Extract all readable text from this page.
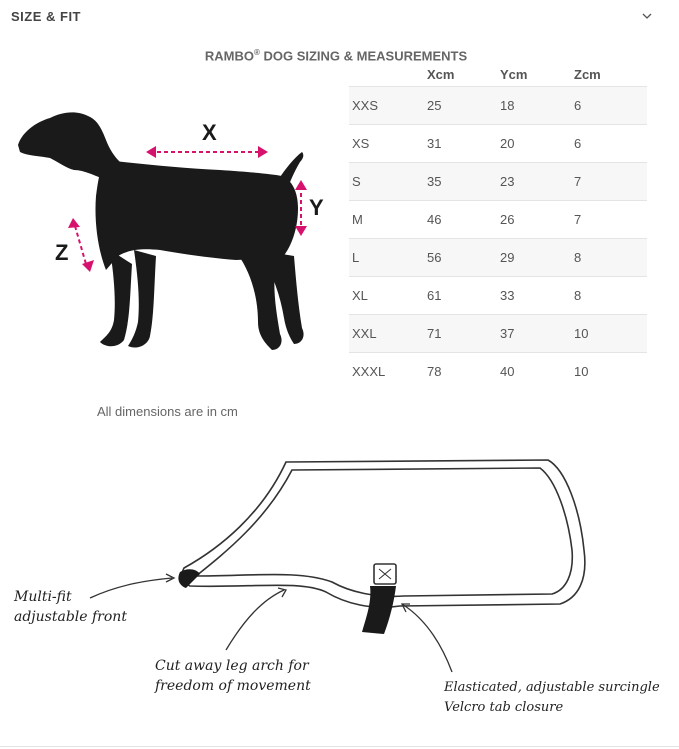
SIZE & FIT
RAMBO® DOG SIZING & MEASUREMENTS
X
Y
Z
	Xcm	Ycm	Zcm
XXS	25	18	6
XS	31	20	6
S	35	23	7
M	46	26	7
L	56	29	8
XL	61	33	8
XXL	71	37	10
XXXL	78	40	10
All dimensions are in cm
Multi-fit
adjustable front
Cut away leg arch for
freedom of movement	Elasticated, adjustable surcingle
Velcro tab closure
